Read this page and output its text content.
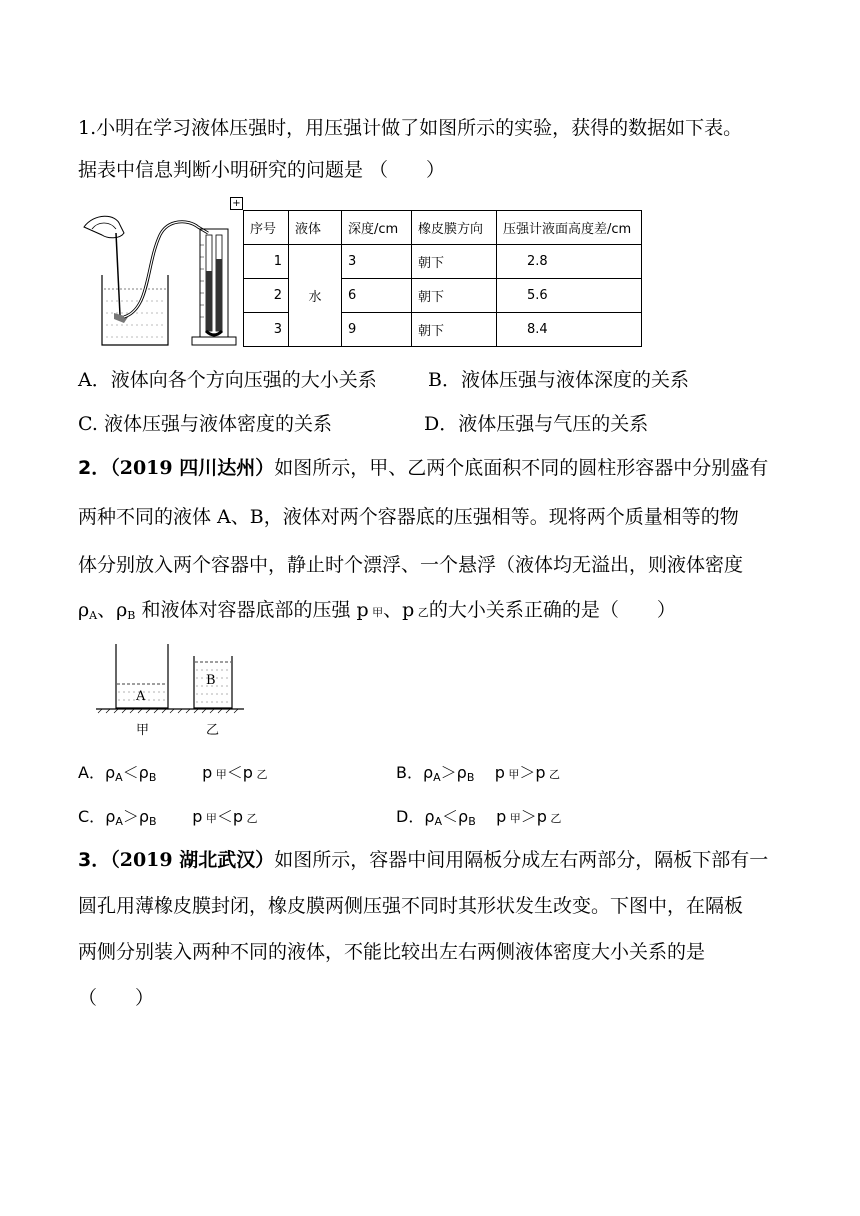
1.小明在学习液体压强时，用压强计做了如图所示的实验，获得的数据如下表。
据表中信息判断小明研究的问题是 （　　）
+
序号	液体	深度/cm	橡皮膜方向	压强计液面高度差/cm
1	水	3	朝下	2.8
2		6	朝下	5.6
3		9	朝下	8.4
A．液体向各个方向压强的大小关系	B．液体压强与液体深度的关系
C. 液体压强与液体密度的关系	D．液体压强与气压的关系
2．（2019 四川达州）如图所示，甲、乙两个底面积不同的圆柱形容器中分别盛有
两种不同的液体 A、B，液体对两个容器底的压强相等。现将两个质量相等的物
体分别放入两个容器中，静止时个漂浮、一个悬浮（液体均无溢出，则液体密度
$\rho_A$、$\rho_B$ 和液体对容器底部的压强 p 甲、p 乙的大小关系正确的是（　　）
A
B
甲	乙
A．$\rho_A<\rho_B$         p 甲＜p 乙	B．$\rho_A>\rho_B$    p 甲＞p 乙
C．$\rho_A>\rho_B$       p 甲＜p 乙	D．$\rho_A<\rho_B$    p 甲＞p 乙
3．（2019 湖北武汉）如图所示，容器中间用隔板分成左右两部分，隔板下部有一
圆孔用薄橡皮膜封闭，橡皮膜两侧压强不同时其形状发生改变。下图中，在隔板
两侧分别装入两种不同的液体，不能比较出左右两侧液体密度大小关系的是
（　　）
